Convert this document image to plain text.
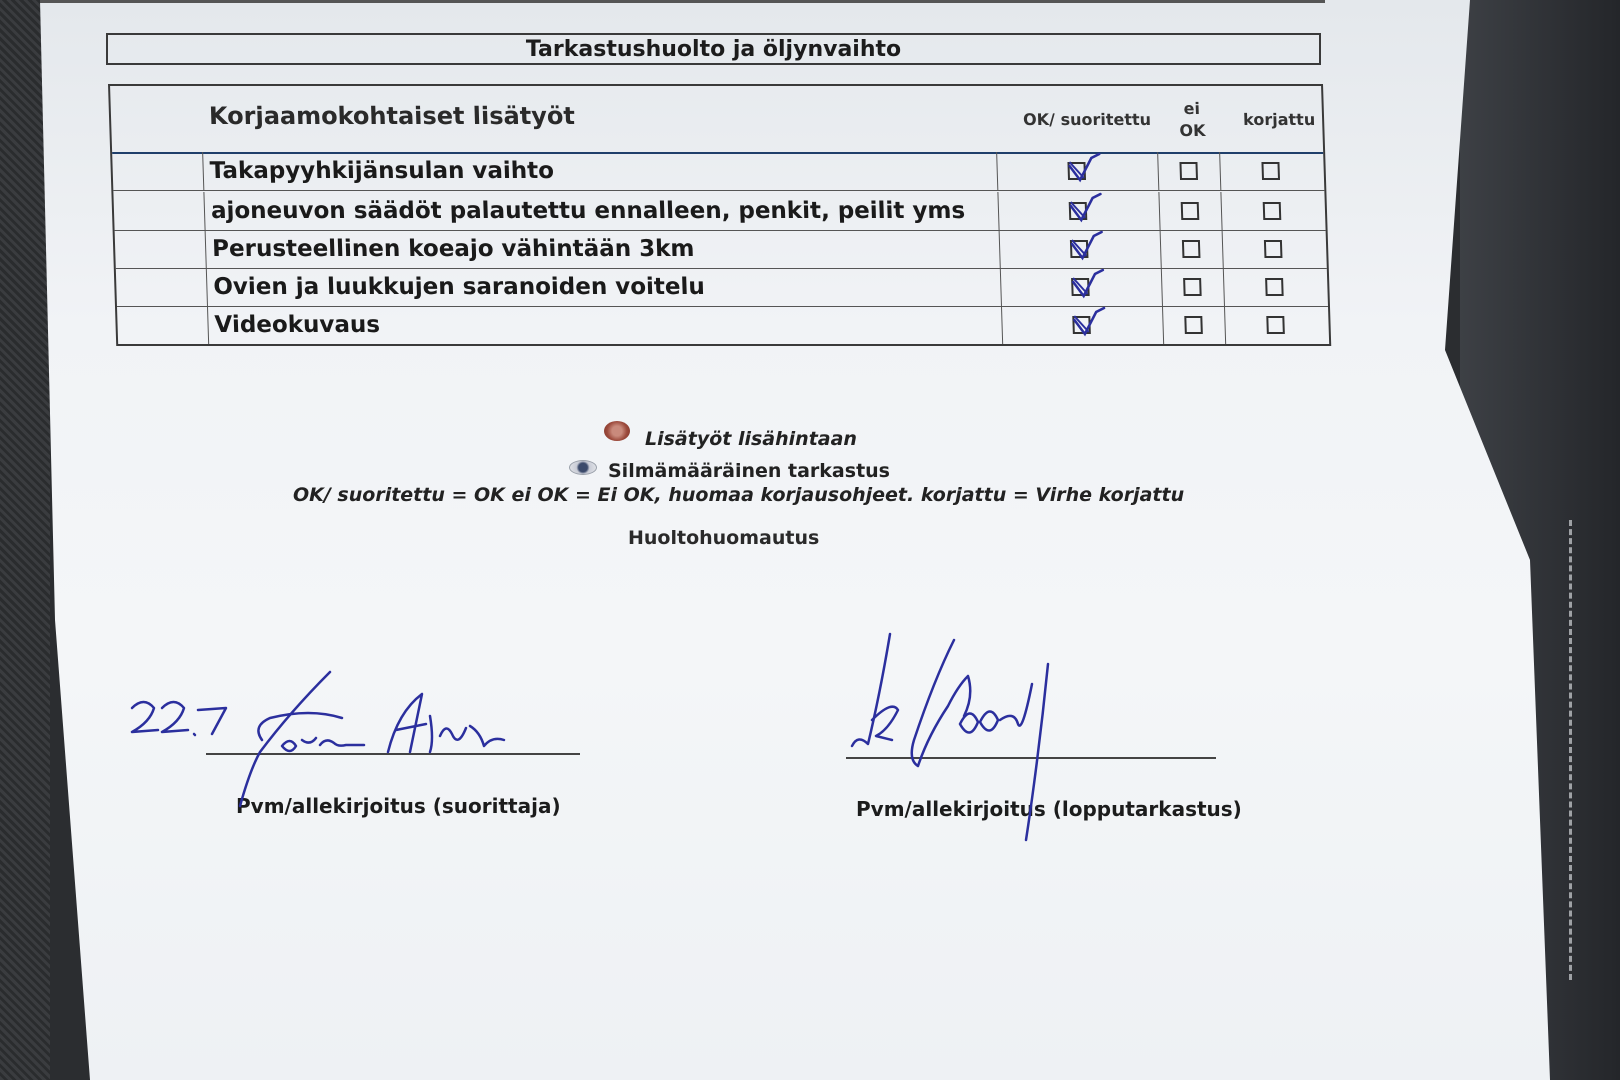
Tarkastushuolto ja öljynvaihto
Korjaamokohtaiset lisätyöt	OK/ suoritettu
ei
OK
korjattu
Takapyyhkijänsulan vaihto
ajoneuvon säädöt palautettu ennalleen, penkit, peilit yms
Perusteellinen koeajo vähintään 3km
Ovien ja luukkujen saranoiden voitelu
Videokuvaus
Lisätyöt lisähintaan
Silmämääräinen tarkastus
OK/ suoritettu = OK ei OK = Ei OK, huomaa korjausohjeet. korjattu = Virhe korjattu
Huoltohuomautus

Pvm/allekirjoitus (suorittaja)	Pvm/allekirjoitus (lopputarkastus)
